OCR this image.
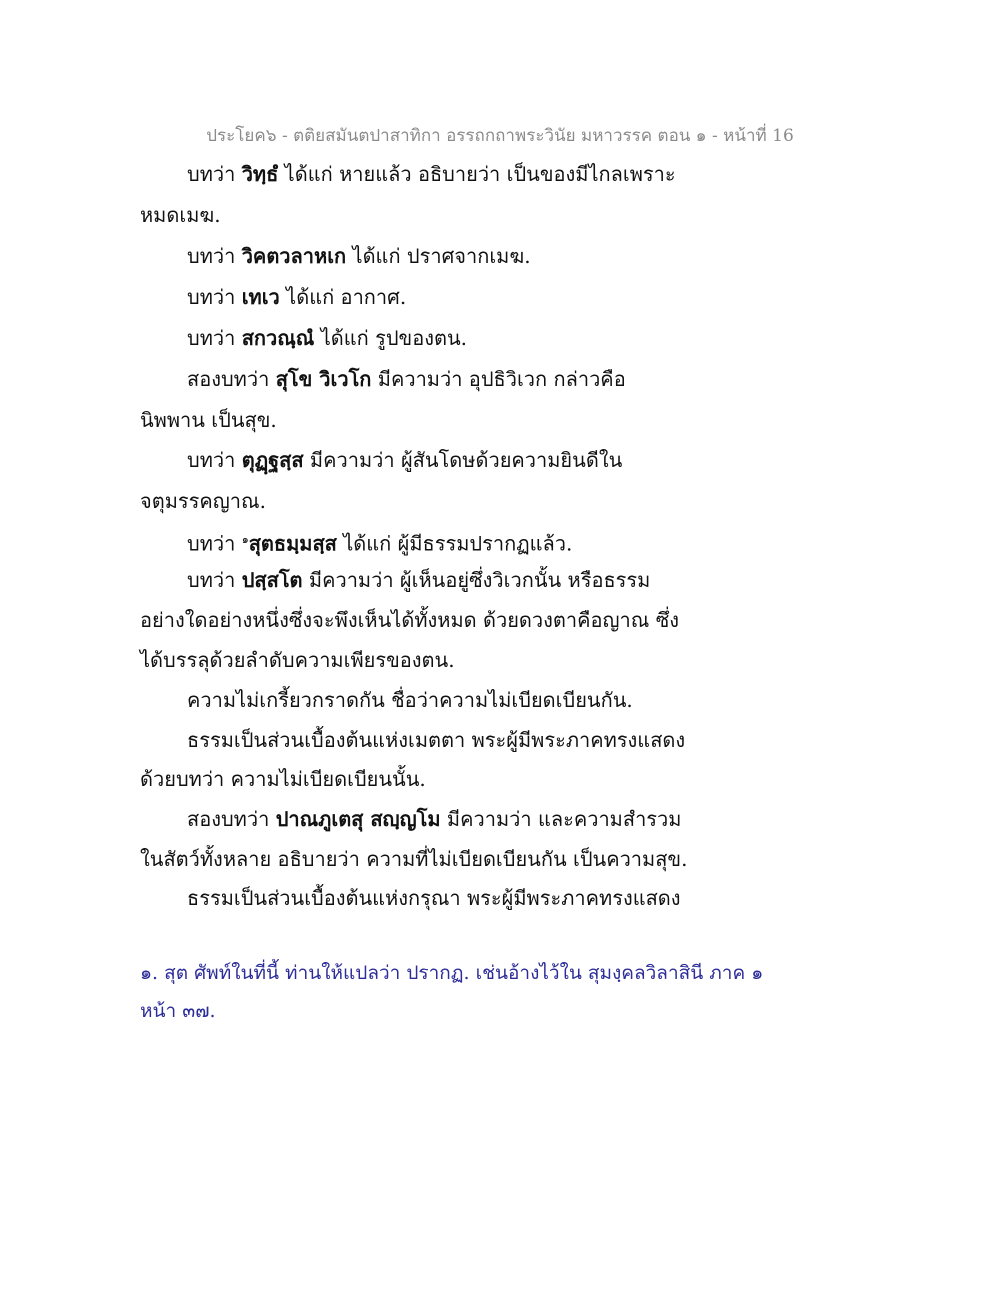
ประโยค๖ - ตติยสมันตปาสาทิกา อรรถกถาพระวินัย มหาวรรค ตอน ๑ - หน้าที่ 16
บทว่า วิทฺธํ ได้แก่ หายแล้ว อธิบายว่า เป็นของมีไกลเพราะ
หมดเมฆ.
บทว่า วิคตวลาหเก ได้แก่ ปราศจากเมฆ.
บทว่า เทเว ได้แก่ อากาศ.
บทว่า สกวณฺณํ ได้แก่ รูปของตน.
สองบทว่า สุโข วิเวโก มีความว่า อุปธิวิเวก กล่าวคือ
นิพพาน เป็นสุข.
บทว่า ตุฏฺฐสฺส มีความว่า ผู้สันโดษด้วยความยินดีใน
จตุมรรคญาณ.
บทว่า $^๑$สุตธมฺมสฺส ได้แก่ ผู้มีธรรมปรากฏแล้ว.
บทว่า ปสฺสโต มีความว่า ผู้เห็นอยู่ซึ่งวิเวกนั้น หรือธรรม
อย่างใดอย่างหนึ่งซึ่งจะพึงเห็นได้ทั้งหมด ด้วยดวงตาคือญาณ ซึ่ง
ได้บรรลุด้วยลำดับความเพียรของตน.
ความไม่เกรี้ยวกราดกัน ชื่อว่าความไม่เบียดเบียนกัน.
ธรรมเป็นส่วนเบื้องต้นแห่งเมตตา พระผู้มีพระภาคทรงแสดง
ด้วยบทว่า ความไม่เบียดเบียนนั้น.
สองบทว่า ปาณภูเตสุ สญฺญโม มีความว่า และความสำรวม
ในสัตว์ทั้งหลาย อธิบายว่า ความที่ไม่เบียดเบียนกัน เป็นความสุข.
ธรรมเป็นส่วนเบื้องต้นแห่งกรุณา พระผู้มีพระภาคทรงแสดง
๑. สุต ศัพท์ในที่นี้ ท่านให้แปลว่า ปรากฏ. เช่นอ้างไว้ใน สุมงฺคลวิลาสินี ภาค ๑
หน้า ๓๗.
